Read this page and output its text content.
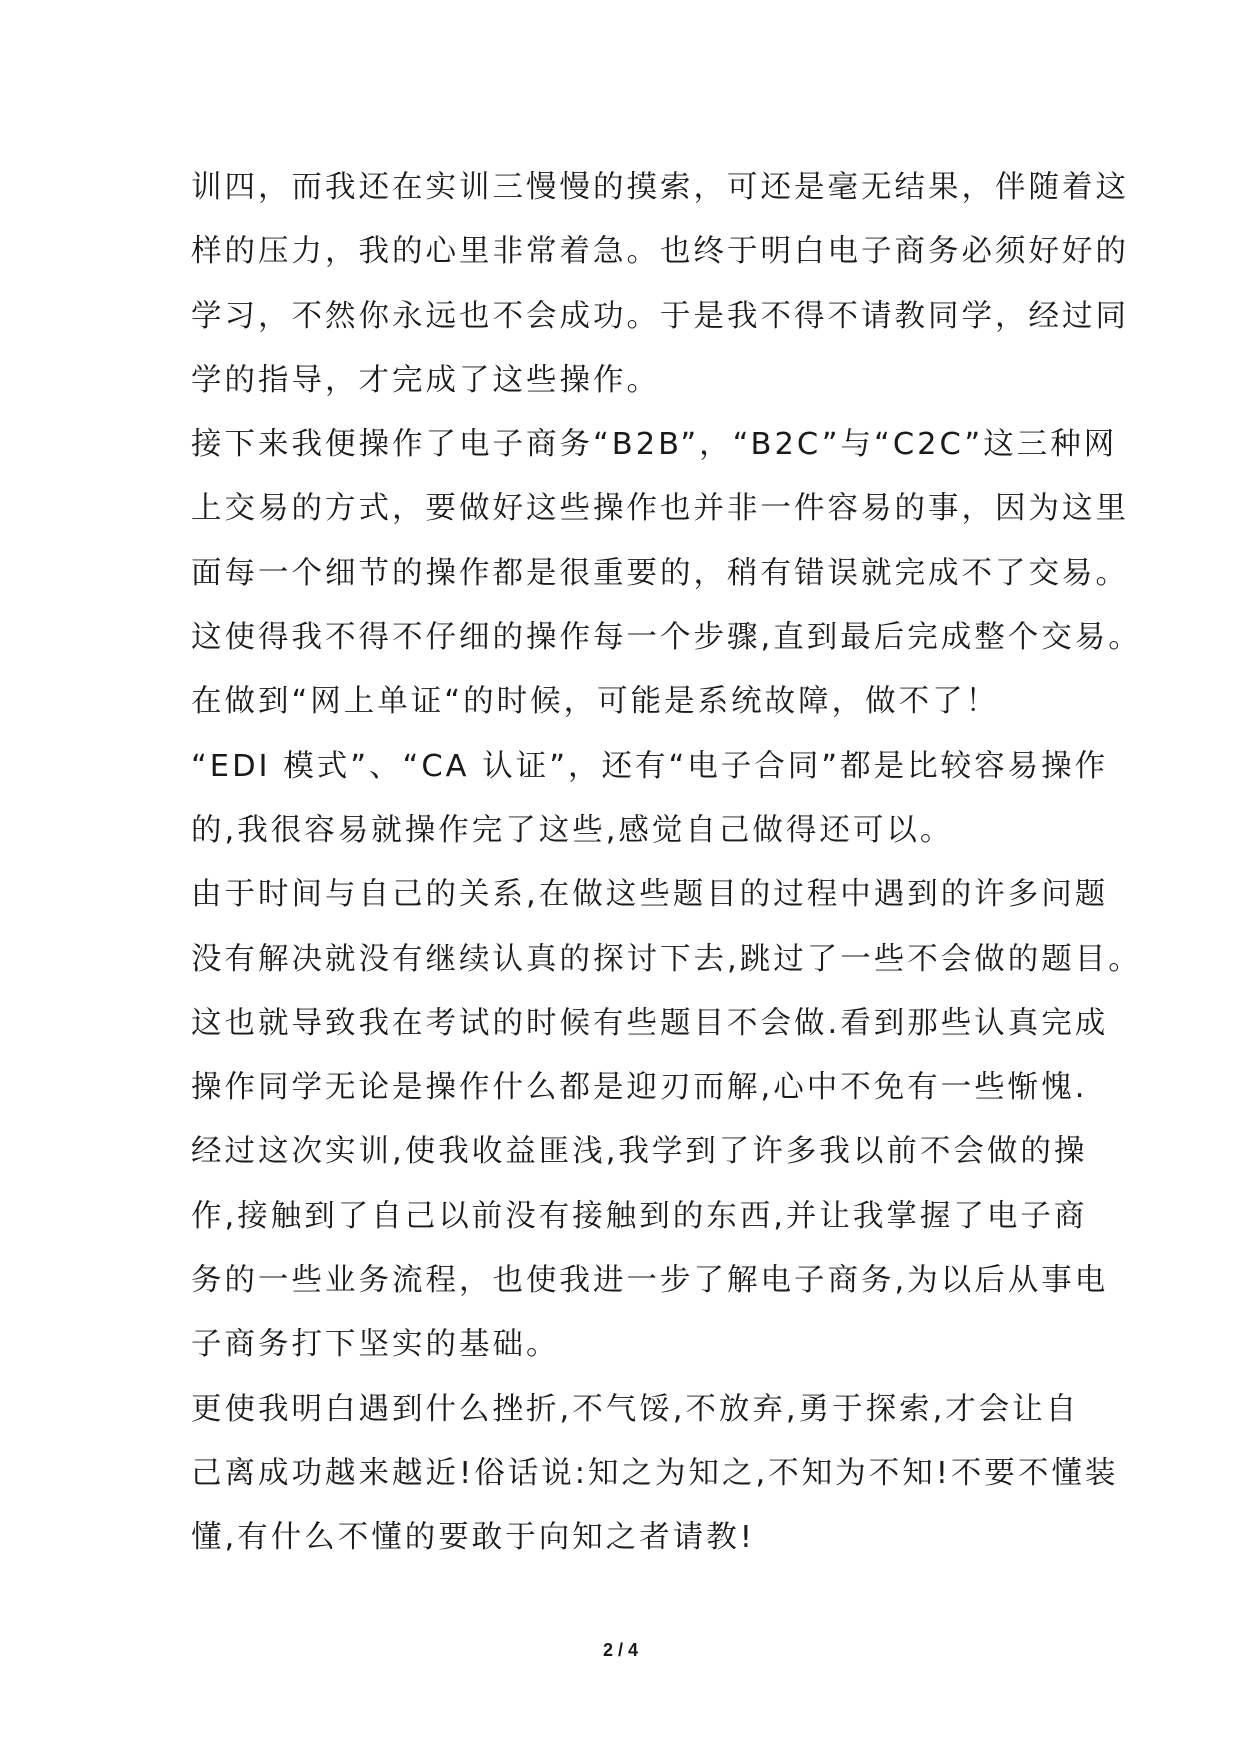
训四，而我还在实训三慢慢的摸索，可还是毫无结果，伴随着这
样的压力，我的心里非常着急。也终于明白电子商务必须好好的
学习，不然你永远也不会成功。于是我不得不请教同学，经过同
学的指导，才完成了这些操作。
接下来我便操作了电子商务“B2B”，“B2C”与“C2C”这三种网
上交易的方式，要做好这些操作也并非一件容易的事，因为这里
面每一个细节的操作都是很重要的，稍有错误就完成不了交易。
这使得我不得不仔细的操作每一个步骤,直到最后完成整个交易。
在做到“网上单证“的时候，可能是系统故障，做不了！
“EDI 模式”、“CA 认证”，还有“电子合同”都是比较容易操作
的,我很容易就操作完了这些,感觉自己做得还可以。
由于时间与自己的关系,在做这些题目的过程中遇到的许多问题
没有解决就没有继续认真的探讨下去,跳过了一些不会做的题目。
这也就导致我在考试的时候有些题目不会做.看到那些认真完成
操作同学无论是操作什么都是迎刃而解,心中不免有一些惭愧.
经过这次实训,使我收益匪浅,我学到了许多我以前不会做的操
作,接触到了自己以前没有接触到的东西,并让我掌握了电子商
务的一些业务流程，也使我进一步了解电子商务,为以后从事电
子商务打下坚实的基础。
更使我明白遇到什么挫折,不气馁,不放弃,勇于探索,才会让自
己离成功越来越近!俗话说:知之为知之,不知为不知!不要不懂装
懂,有什么不懂的要敢于向知之者请教!
2 / 4
